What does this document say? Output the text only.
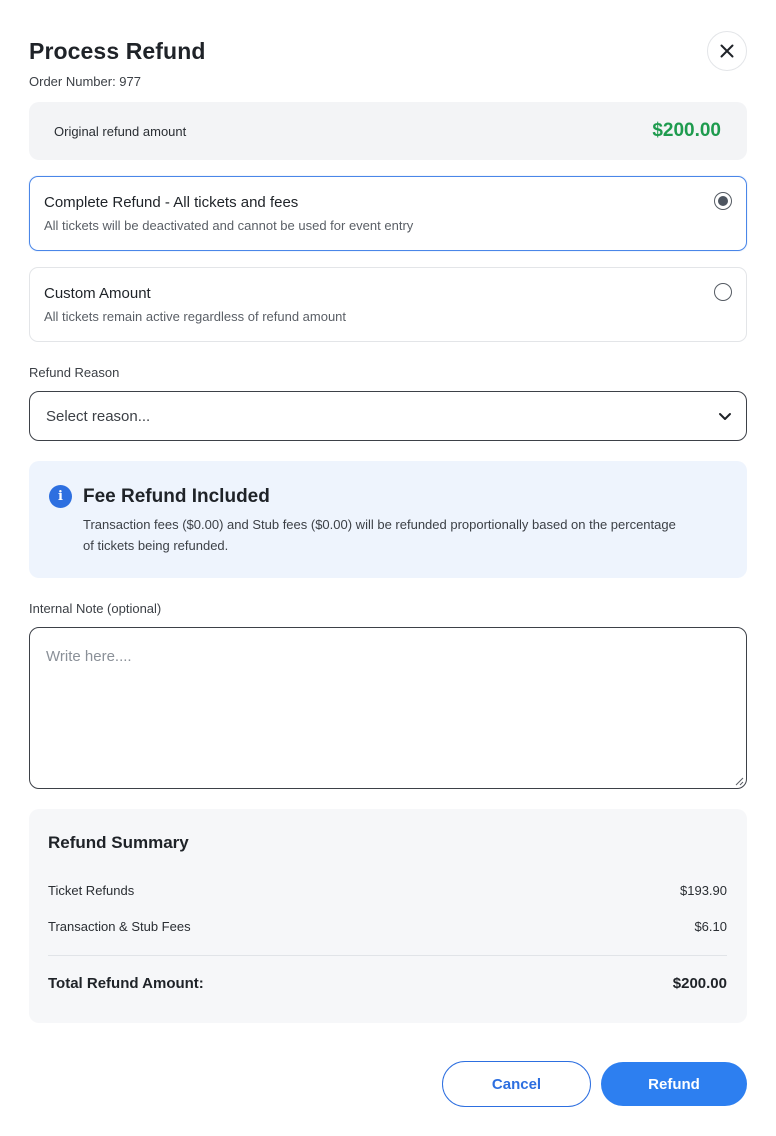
Process Refund
Order Number: 977
Original refund amount	$200.00
Complete Refund - All tickets and fees
All tickets will be deactivated and cannot be used for event entry
Custom Amount
All tickets remain active regardless of refund amount
Refund Reason
Select reason...
i	Fee Refund Included
Transaction fees ($0.00) and Stub fees ($0.00) will be refunded proportionally based on the percentage of tickets being refunded.
Internal Note (optional)
Write here....
Refund Summary
Ticket Refunds	$193.90
Transaction & Stub Fees	$6.10
Total Refund Amount:	$200.00
Cancel	Refund
